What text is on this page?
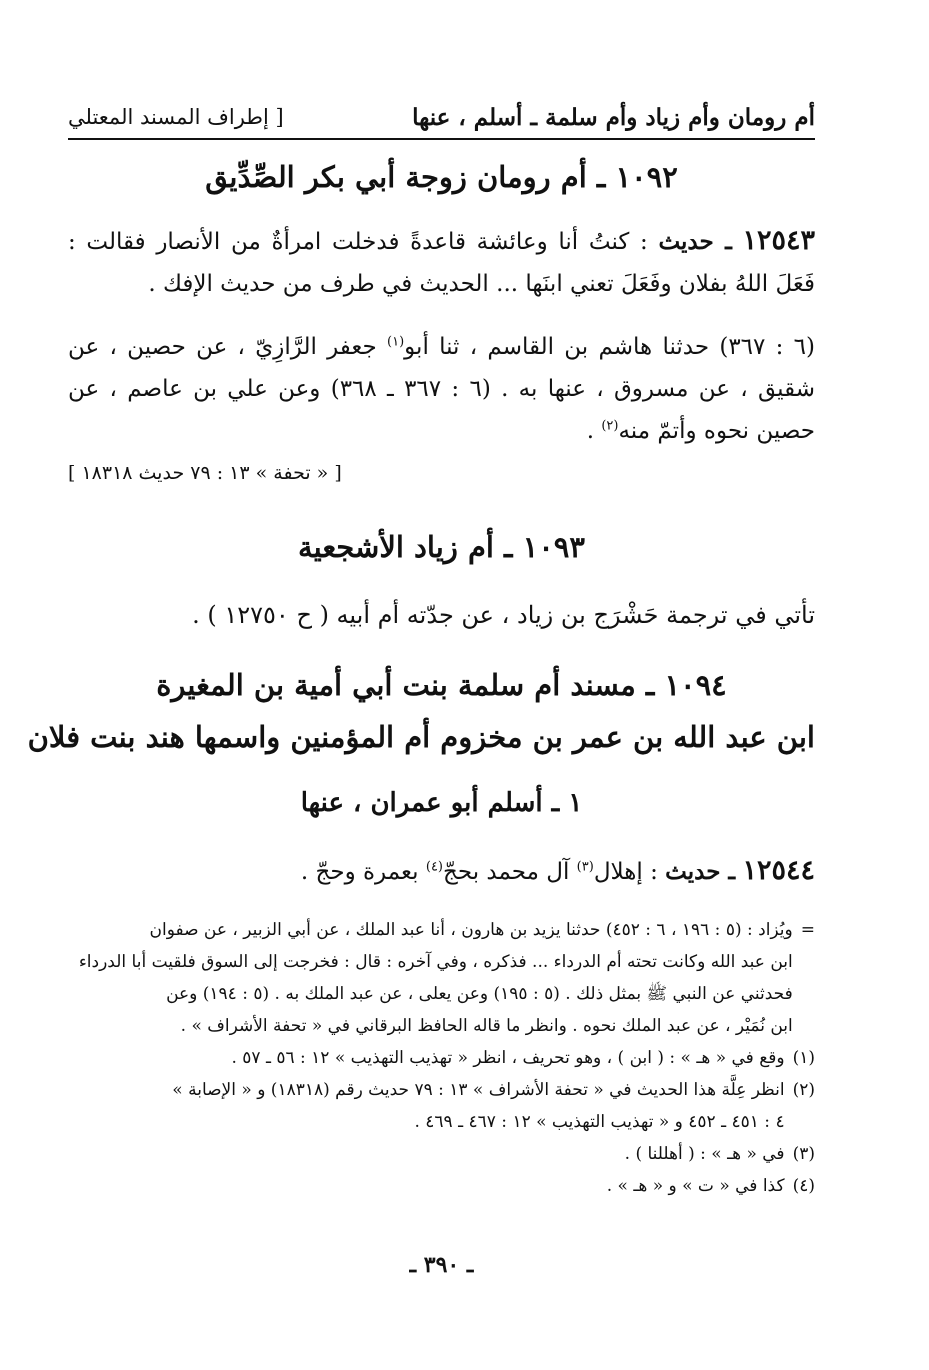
أم رومان وأم زياد وأم سلمة ـ أسلم ، عنها
[ إطراف المسند المعتلي
١٠٩٢ ـ أم رومان زوجة أبي بكر الصِّدِّيق
١٢٥٤٣ ـ حديث : كنتُ أنا وعائشة قاعدةً فدخلت امرأةٌ من الأنصار فقالت : فَعَلَ اللهُ بفلان وفَعَلَ تعني ابنَها ... الحديث في طرف من حديث الإفك .
(٦ : ٣٦٧) حدثنا هاشم بن القاسم ، ثنا أبو$^{(١)}$ جعفر الرَّازِيّ ، عن حصين ، عن شقيق ، عن مسروق ، عنها به . (٦ : ٣٦٧ ـ ٣٦٨) وعن علي بن عاصم ، عن حصين نحوه وأتمّ منه$^{(٢)}$ .
[ « تحفة » ١٣ : ٧٩ حديث ١٨٣١٨ ]
١٠٩٣ ـ أم زياد الأشجعية
تأتي في ترجمة حَشْرَج بن زياد ، عن جدّته أم أبيه ( ح ١٢٧٥٠ ) .
١٠٩٤ ـ مسند أم سلمة بنت أبي أمية بن المغيرة
ابن عبد الله بن عمر بن مخزوم أم المؤمنين واسمها هند بنت فلان
١ ـ أسلم أبو عمران ، عنها
١٢٥٤٤ ـ حديث : إهلال$^{(٣)}$ آل محمد بحجّ$^{(٤)}$ بعمرة وحجّ .
=

ويُزاد : (٥ : ١٩٦ ، ٦ : ٤٥٢) حدثنا يزيد بن هارون ، أنا عبد الملك ، عن أبي الزبير ، عن صفوان

ابن عبد الله وكانت تحته أم الدرداء ... فذكره ، وفي آخره : قال : فخرجت إلى السوق فلقيت أبا الدرداء

فحدثني عن النبي ﷺ بمثل ذلك . (٥ : ١٩٥) وعن يعلى ، عن عبد الملك به . (٥ : ١٩٤) وعن

ابن نُمَيْر ، عن عبد الملك نحوه . وانظر ما قاله الحافظ البرقاني في « تحفة الأشراف » .

(١)

وقع في « هـ » : ( ابن ) ، وهو تحريف ، انظر « تهذيب التهذيب » ١٢ : ٥٦ ـ ٥٧ .

(٢)

انظر عِلَّة هذا الحديث في « تحفة الأشراف » ١٣ : ٧٩ حديث رقم (١٨٣١٨) و « الإصابة »

٤ : ٤٥١ ـ ٤٥٢ و « تهذيب التهذيب » ١٢ : ٤٦٧ ـ ٤٦٩ .

(٣)

في « هـ » : ( أهللنا ) .

(٤)

كذا في « ت » و « هـ » .

ـ ٣٩٠ ـ
